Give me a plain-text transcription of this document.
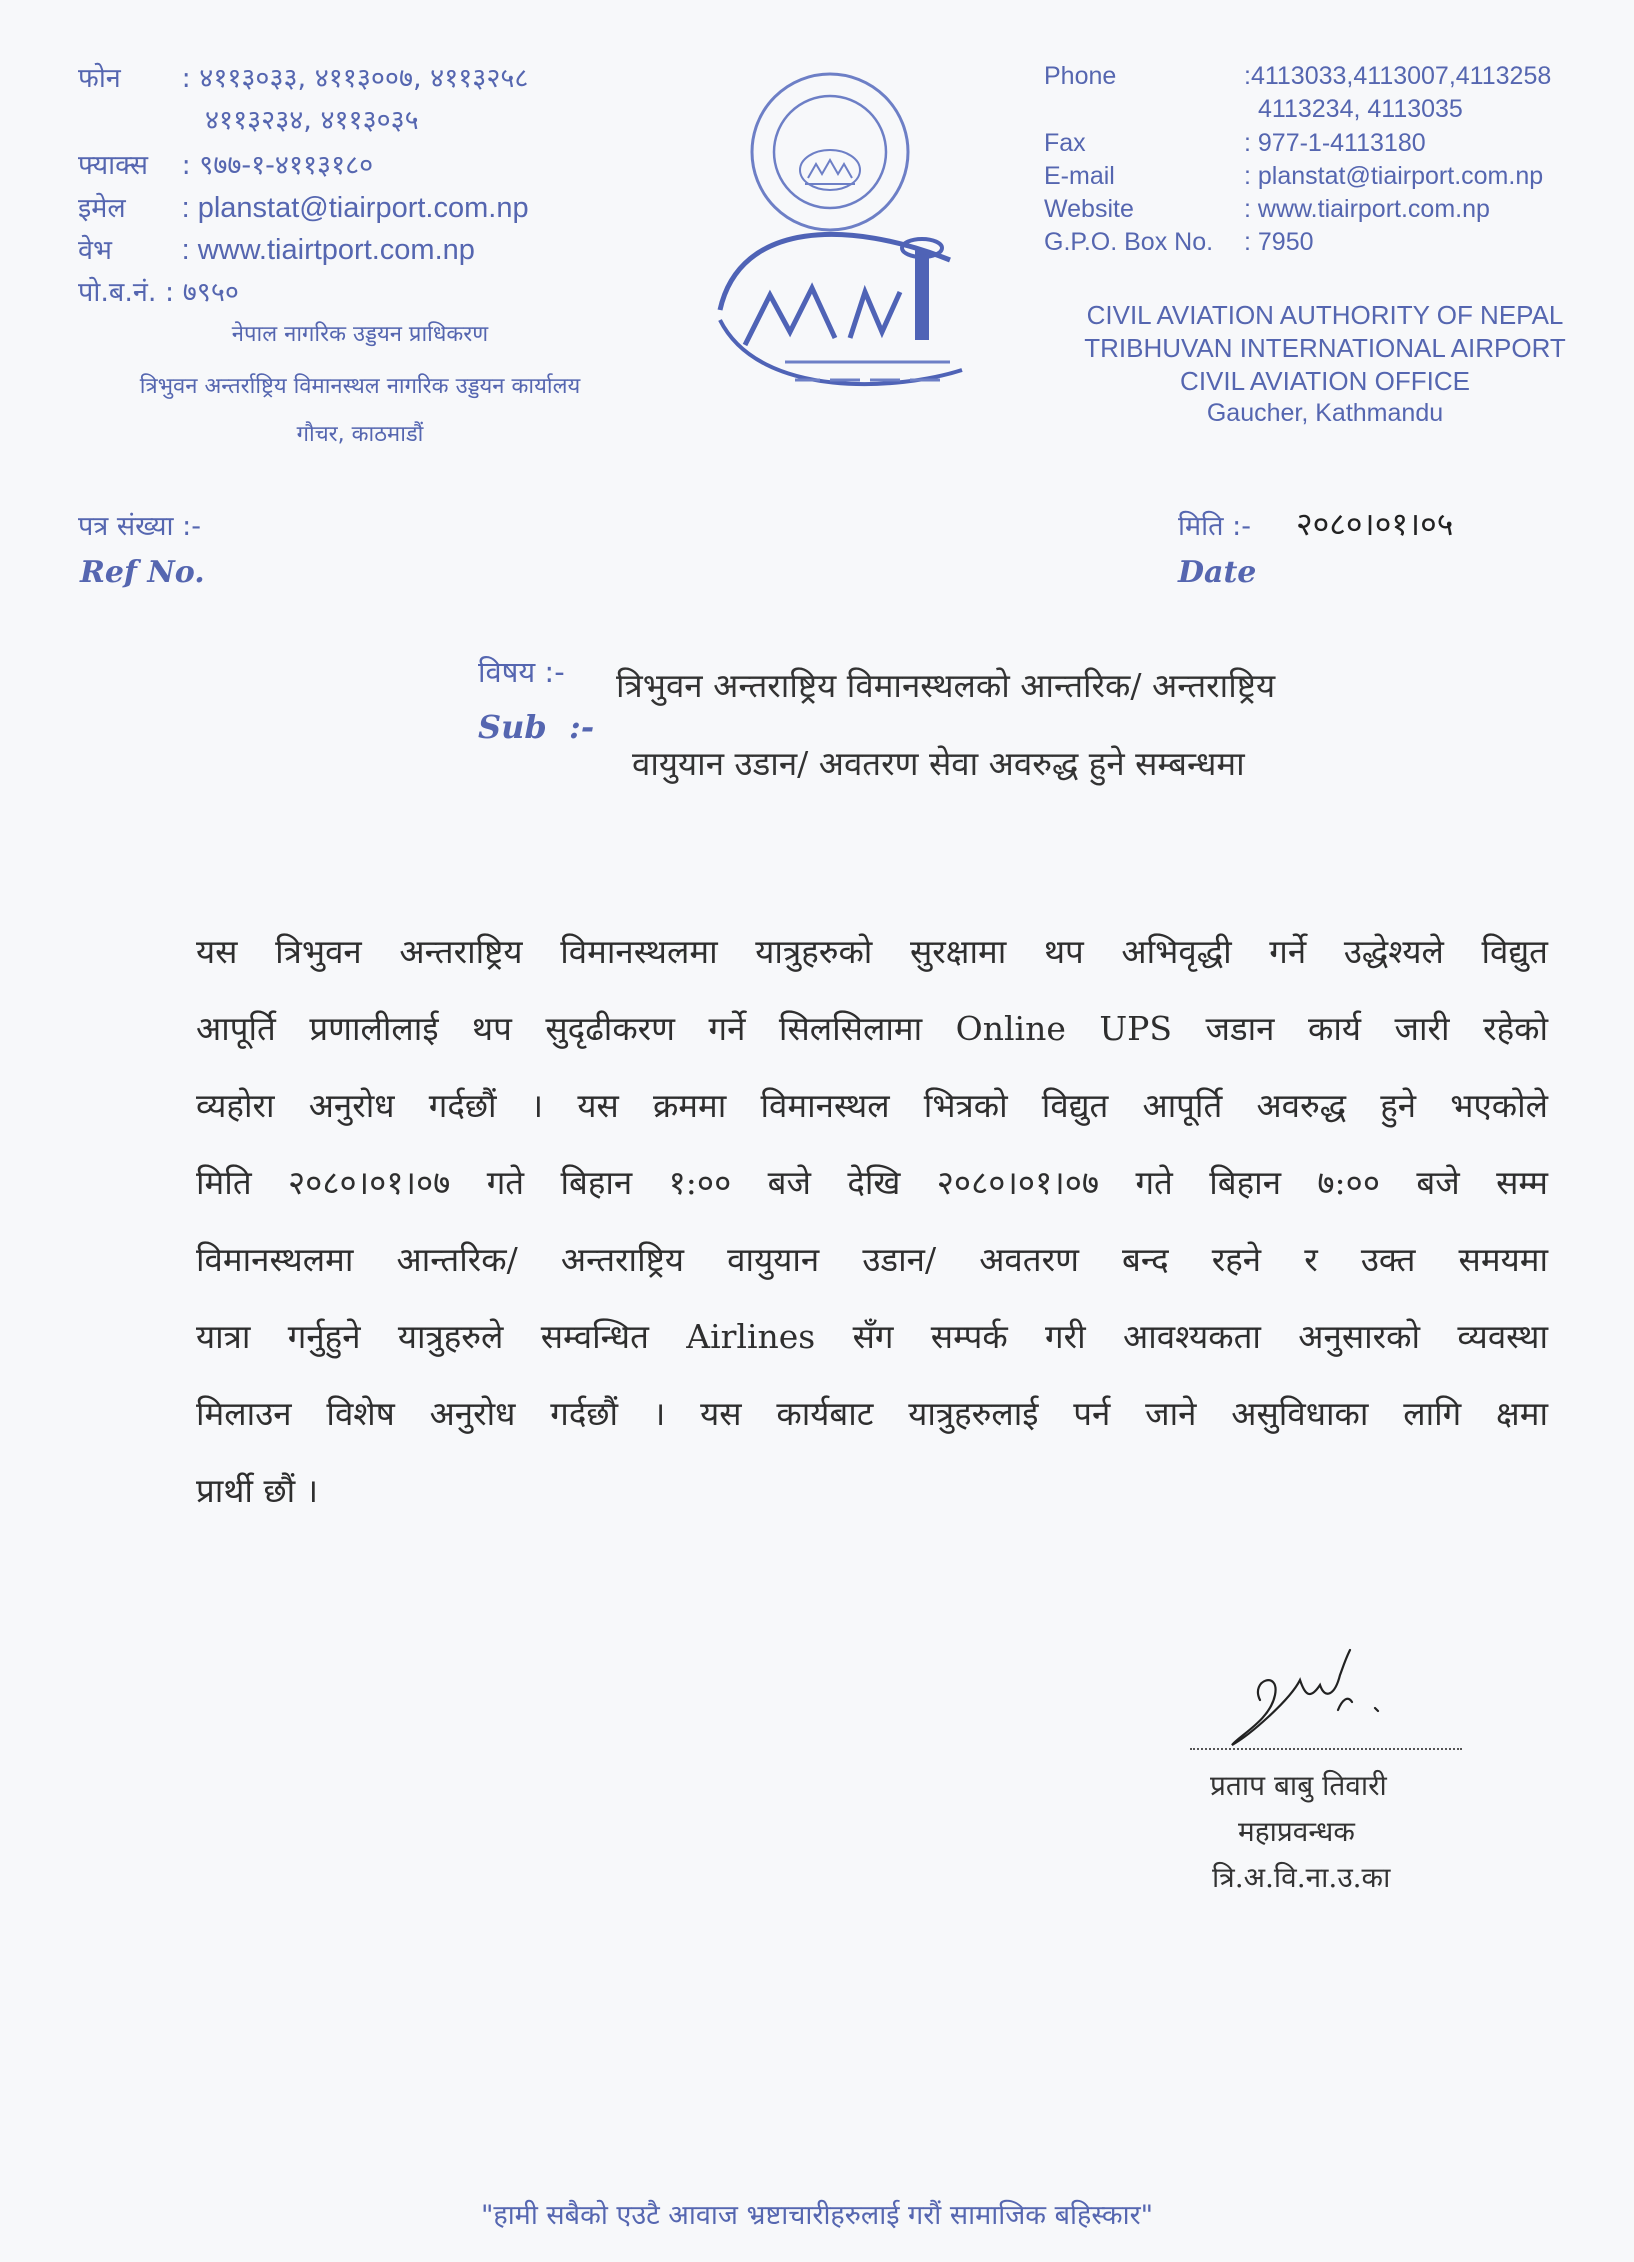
फोन : ४११३०३३, ४११३००७, ४११३२५८
४११३२३४, ४११३०३५
फ्याक्स : ९७७-१-४११३१८०
इमेल : planstat@tiairport.com.np
वेभ : www.tiairtport.com.np
पो.ब.नं. : ७९५०
नेपाल नागरिक उड्डयन प्राधिकरण
त्रिभुवन अन्तर्राष्ट्रिय विमानस्थल नागरिक उड्डयन कार्यालय
गौचर, काठमाडौं
Phone	:4113033,4113007,4113258
4113234, 4113035
Fax	: 977-1-4113180
E-mail	: planstat@tiairport.com.np
Website	: www.tiairport.com.np
G.P.O. Box No. : 7950
CIVIL AVIATION AUTHORITY OF NEPAL
TRIBHUVAN INTERNATIONAL AIRPORT
CIVIL AVIATION OFFICE
Gaucher, Kathmandu
पत्र संख्या :-
Ref No.
मिति :- २०८०।०१।०५
Date
विषय :-
Sub  :-
त्रिभुवन अन्तराष्ट्रिय विमानस्थलको आन्तरिक/ अन्तराष्ट्रिय
वायुयान उडान/ अवतरण सेवा अवरुद्ध हुने सम्बन्धमा
यस त्रिभुवन अन्तराष्ट्रिय विमानस्थलमा यात्रुहरुको सुरक्षामा थप अभिवृद्धी गर्ने उद्धेश्यले विद्युत
आपूर्ति प्रणालीलाई थप सुदृढीकरण गर्ने सिलसिलामा Online UPS जडान कार्य जारी रहेको
व्यहोरा अनुरोध गर्दछौं । यस क्रममा विमानस्थल भित्रको विद्युत आपूर्ति अवरुद्ध हुने भएकोले
मिति २०८०।०१।०७ गते बिहान १:०० बजे देखि २०८०।०१।०७ गते बिहान ७:०० बजे सम्म
विमानस्थलमा आन्तरिक/ अन्तराष्ट्रिय वायुयान उडान/ अवतरण बन्द रहने र उक्त समयमा
यात्रा गर्नुहुने यात्रुहरुले सम्वन्धित Airlines सँग सम्पर्क गरी आवश्यकता अनुसारको व्यवस्था
मिलाउन विशेष अनुरोध गर्दछौं । यस कार्यबाट यात्रुहरुलाई पर्न जाने असुविधाका लागि क्षमा
प्रार्थी छौं ।
प्रताप बाबु तिवारी
महाप्रवन्धक
त्रि.अ.वि.ना.उ.का
"हामी सबैको एउटै आवाज भ्रष्टाचारीहरुलाई गरौं सामाजिक बहिस्कार"
